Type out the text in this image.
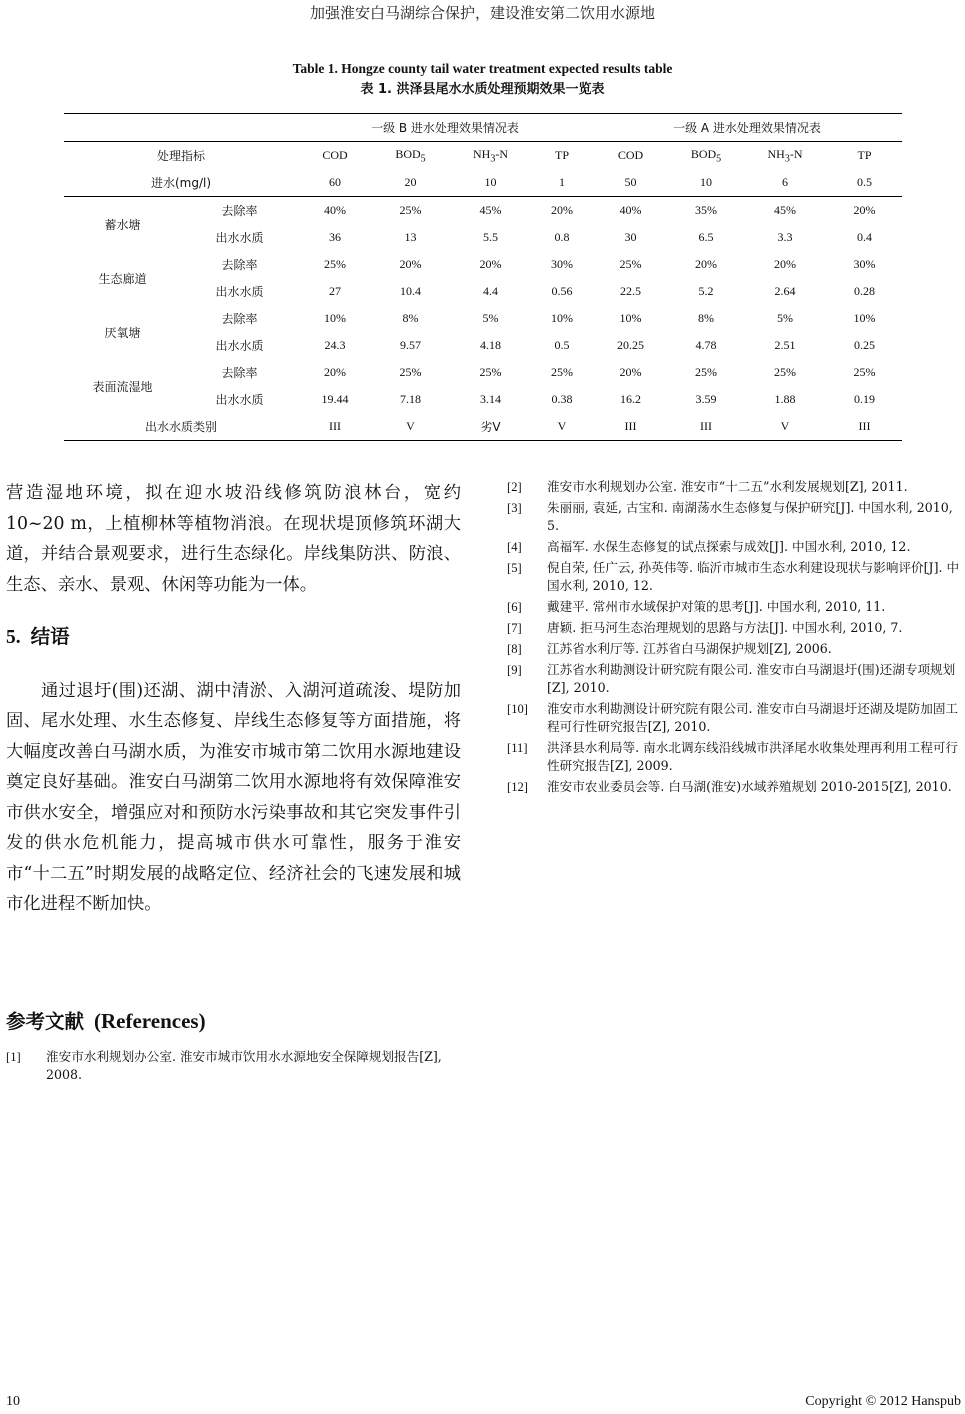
加强淮安白马湖综合保护，建设淮安第二饮用水源地
Table 1. Hongze county tail water treatment expected results table
表 1. 洪泽县尾水水质处理预期效果一览表
		一级 B 进水处理效果情况表				一级 A 进水处理效果情况表			
处理指标		COD	$BOD_5$	$NH_3-N$	TP	COD	$BOD_5$	$NH_3-N$	TP
进水(mg/l)		60	20	10	1	50	10	6	0.5
蓄水塘	去除率	40%	25%	45%	20%	40%	35%	45%	20%
	出水水质	36	13	5.5	0.8	30	6.5	3.3	0.4
生态廊道	去除率	25%	20%	20%	30%	25%	20%	20%	30%
	出水水质	27	10.4	4.4	0.56	22.5	5.2	2.64	0.28
厌氧塘	去除率	10%	8%	5%	10%	10%	8%	5%	10%
	出水水质	24.3	9.57	4.18	0.5	20.25	4.78	2.51	0.25
表面流湿地	去除率	20%	25%	25%	25%	20%	25%	25%	25%
	出水水质	19.44	7.18	3.14	0.38	16.2	3.59	1.88	0.19
出水水质类别		III	V	劣V	V	III	III	V	III

营造湿地环境，拟在迎水坡沿线修筑防浪林台，宽约10~20 m，上植柳林等植物消浪。在现状堤顶修筑环湖大道，并结合景观要求，进行生态绿化。岸线集防洪、防浪、生态、亲水、景观、休闲等功能为一体。

5. 结语

通过退圩(围)还湖、湖中清淤、入湖河道疏浚、堤防加固、尾水处理、水生态修复、岸线生态修复等方面措施，将大幅度改善白马湖水质，为淮安市城市第二饮用水源地建设奠定良好基础。淮安白马湖第二饮用水源地将有效保障淮安市供水安全，增强应对和预防水污染事故和其它突发事件引发的供水危机能力，提高城市供水可靠性，服务于淮安市“十二五”时期发展的战略定位、经济社会的飞速发展和城市化进程不断加快。

参考文献 (References)
[1] 淮安市水利规划办公室. 淮安市城市饮用水水源地安全保障规划报告[Z], 2008.
[2] 淮安市水利规划办公室. 淮安市“十二五”水利发展规划[Z], 2011.
[3] 朱丽丽, 袁延, 古宝和. 南湖荡水生态修复与保护研究[J]. 中国水利, 2010, 5.
[4] 高福军. 水保生态修复的试点探索与成效[J]. 中国水利, 2010, 12.
[5] 倪自荣, 任广云, 孙英伟等. 临沂市城市生态水利建设现状与影响评价[J]. 中国水利, 2010, 12.
[6] 戴建平. 常州市水域保护对策的思考[J]. 中国水利, 2010, 11.
[7] 唐颖. 拒马河生态治理规划的思路与方法[J]. 中国水利, 2010, 7.
[8] 江苏省水利厅等. 江苏省白马湖保护规划[Z], 2006.
[9] 江苏省水利勘测设计研究院有限公司. 淮安市白马湖退圩(围)还湖专项规划[Z], 2010.
[10] 淮安市水利勘测设计研究院有限公司. 淮安市白马湖退圩还湖及堤防加固工程可行性研究报告[Z], 2010.
[11] 洪泽县水利局等. 南水北调东线沿线城市洪泽尾水收集处理再利用工程可行性研究报告[Z], 2009.
[12] 淮安市农业委员会等. 白马湖(淮安)水域养殖规划 2010-2015[Z], 2010.
10	Copyright © 2012 Hanspub
